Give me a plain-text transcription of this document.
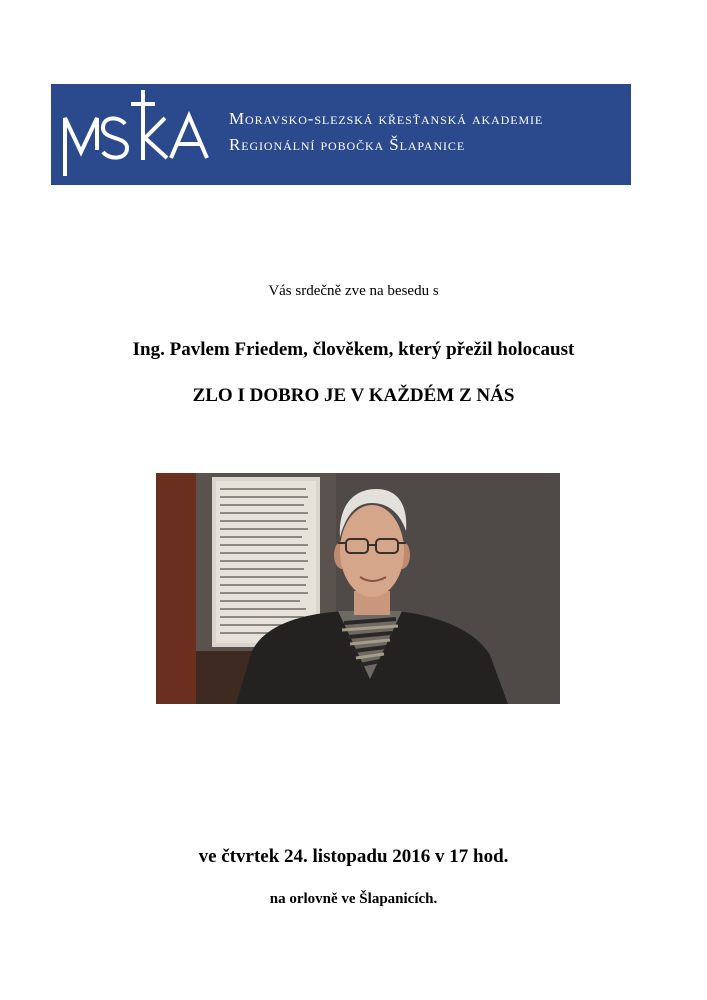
Moravsko-slezská křesťanská akademie
Regionální pobočka Šlapanice
Vás srdečně zve na besedu s
Ing. Pavlem Friedem, člověkem, který přežil holocaust
ZLO I DOBRO JE V KAŽDÉM Z NÁS
ve čtvrtek 24. listopadu 2016 v 17 hod.
na orlovně ve Šlapanicích.
